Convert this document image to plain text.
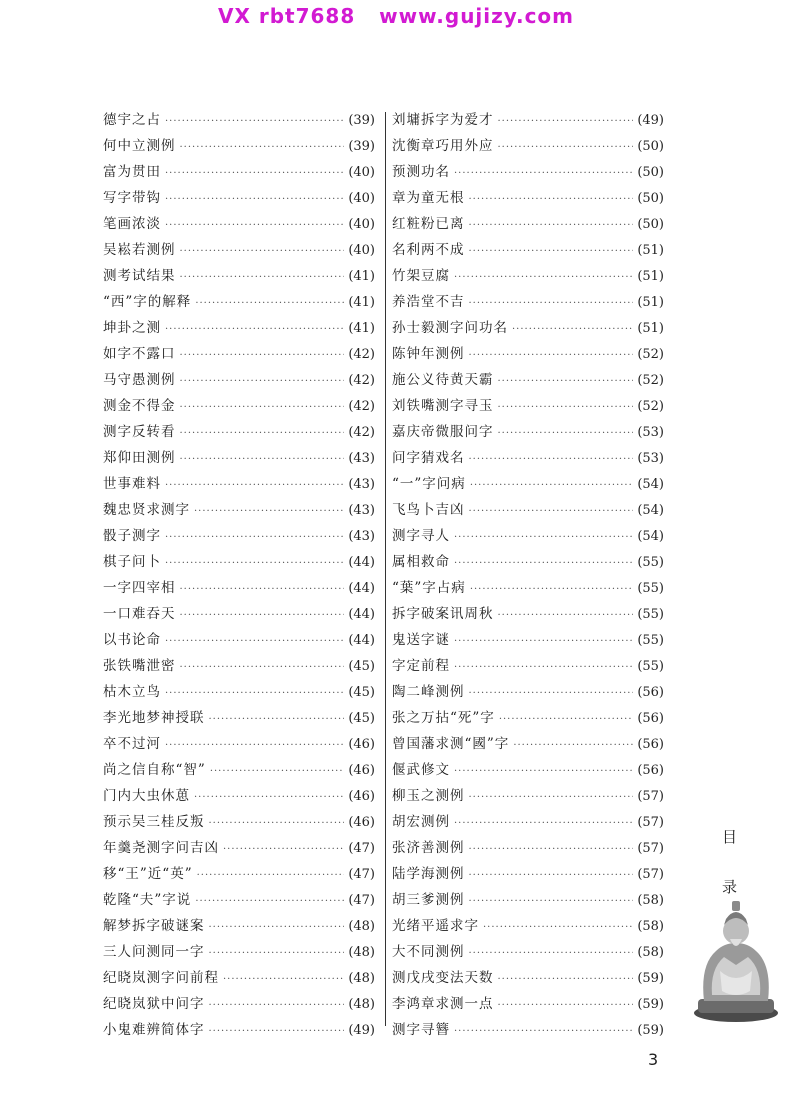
VX rbt7688   www.gujizy.com
德宇之占 ·····	(39)
何中立测例 ·····	(39)
富为贯田 ·····	(40)
写字带钩 ·····	(40)
笔画浓淡 ·····	(40)
吴崧若测例 ·····	(40)
测考试结果 ·····	(41)
“西”字的解释 ·····	(41)
坤卦之测 ·····	(41)
如字不露口 ·····	(42)
马守愚测例 ·····	(42)
测金不得金 ·····	(42)
测字反转看 ·····	(42)
郑仰田测例 ·····	(43)
世事难料 ·····	(43)
魏忠贤求测字 ·····	(43)
骰子测字 ·····	(43)
棋子问卜 ·····	(44)
一字四宰相 ·····	(44)
一口难吞天 ·····	(44)
以书论命 ·····	(44)
张铁嘴泄密 ·····	(45)
枯木立鸟 ·····	(45)
李光地梦神授联 ·····	(45)
卒不过河 ·····	(46)
尚之信自称“智” ·····	(46)
门内大虫休葸 ·····	(46)
预示吴三桂反叛 ·····	(46)
年羹尧测字问吉凶 ·····	(47)
移“王”近“英” ·····	(47)
乾隆“夫”字说 ·····	(47)
解梦拆字破谜案 ·····	(48)
三人问测同一字 ·····	(48)
纪晓岚测字问前程 ·····	(48)
纪晓岚狱中问字 ·····	(48)
小鬼难辨简体字 ·····	(49)
刘墉拆字为爱才 ·····	(49)
沈衡章巧用外应 ·····	(50)
预测功名 ·····	(50)
章为童无根 ·····	(50)
红粧粉已离 ·····	(50)
名利两不成 ·····	(51)
竹架豆腐 ·····	(51)
养浩堂不吉 ·····	(51)
孙士毅测字问功名 ·····	(51)
陈钟年测例 ·····	(52)
施公义待黄天霸 ·····	(52)
刘铁嘴测字寻玉 ·····	(52)
嘉庆帝微服问字 ·····	(53)
问字猜戏名 ·····	(53)
“一”字问病 ·····	(54)
飞鸟卜吉凶 ·····	(54)
测字寻人 ·····	(54)
属相救命 ·····	(55)
“葉”字占病 ·····	(55)
拆字破案讯周秋 ·····	(55)
鬼送字谜 ·····	(55)
字定前程 ·····	(55)
陶二峰测例 ·····	(56)
张之万拈“死”字 ·····	(56)
曾国藩求测“國”字 ·····	(56)
偃武修文 ·····	(56)
柳玉之测例 ·····	(57)
胡宏测例 ·····	(57)
张济善测例 ·····	(57)
陆学海测例 ·····	(57)
胡三爹测例 ·····	(58)
光绪平遥求字 ·····	(58)
大不同测例 ·····	(58)
测戊戌变法天数 ·····	(59)
李鸿章求测一点 ·····	(59)
测字寻簪 ·····	(59)
目
录
3
